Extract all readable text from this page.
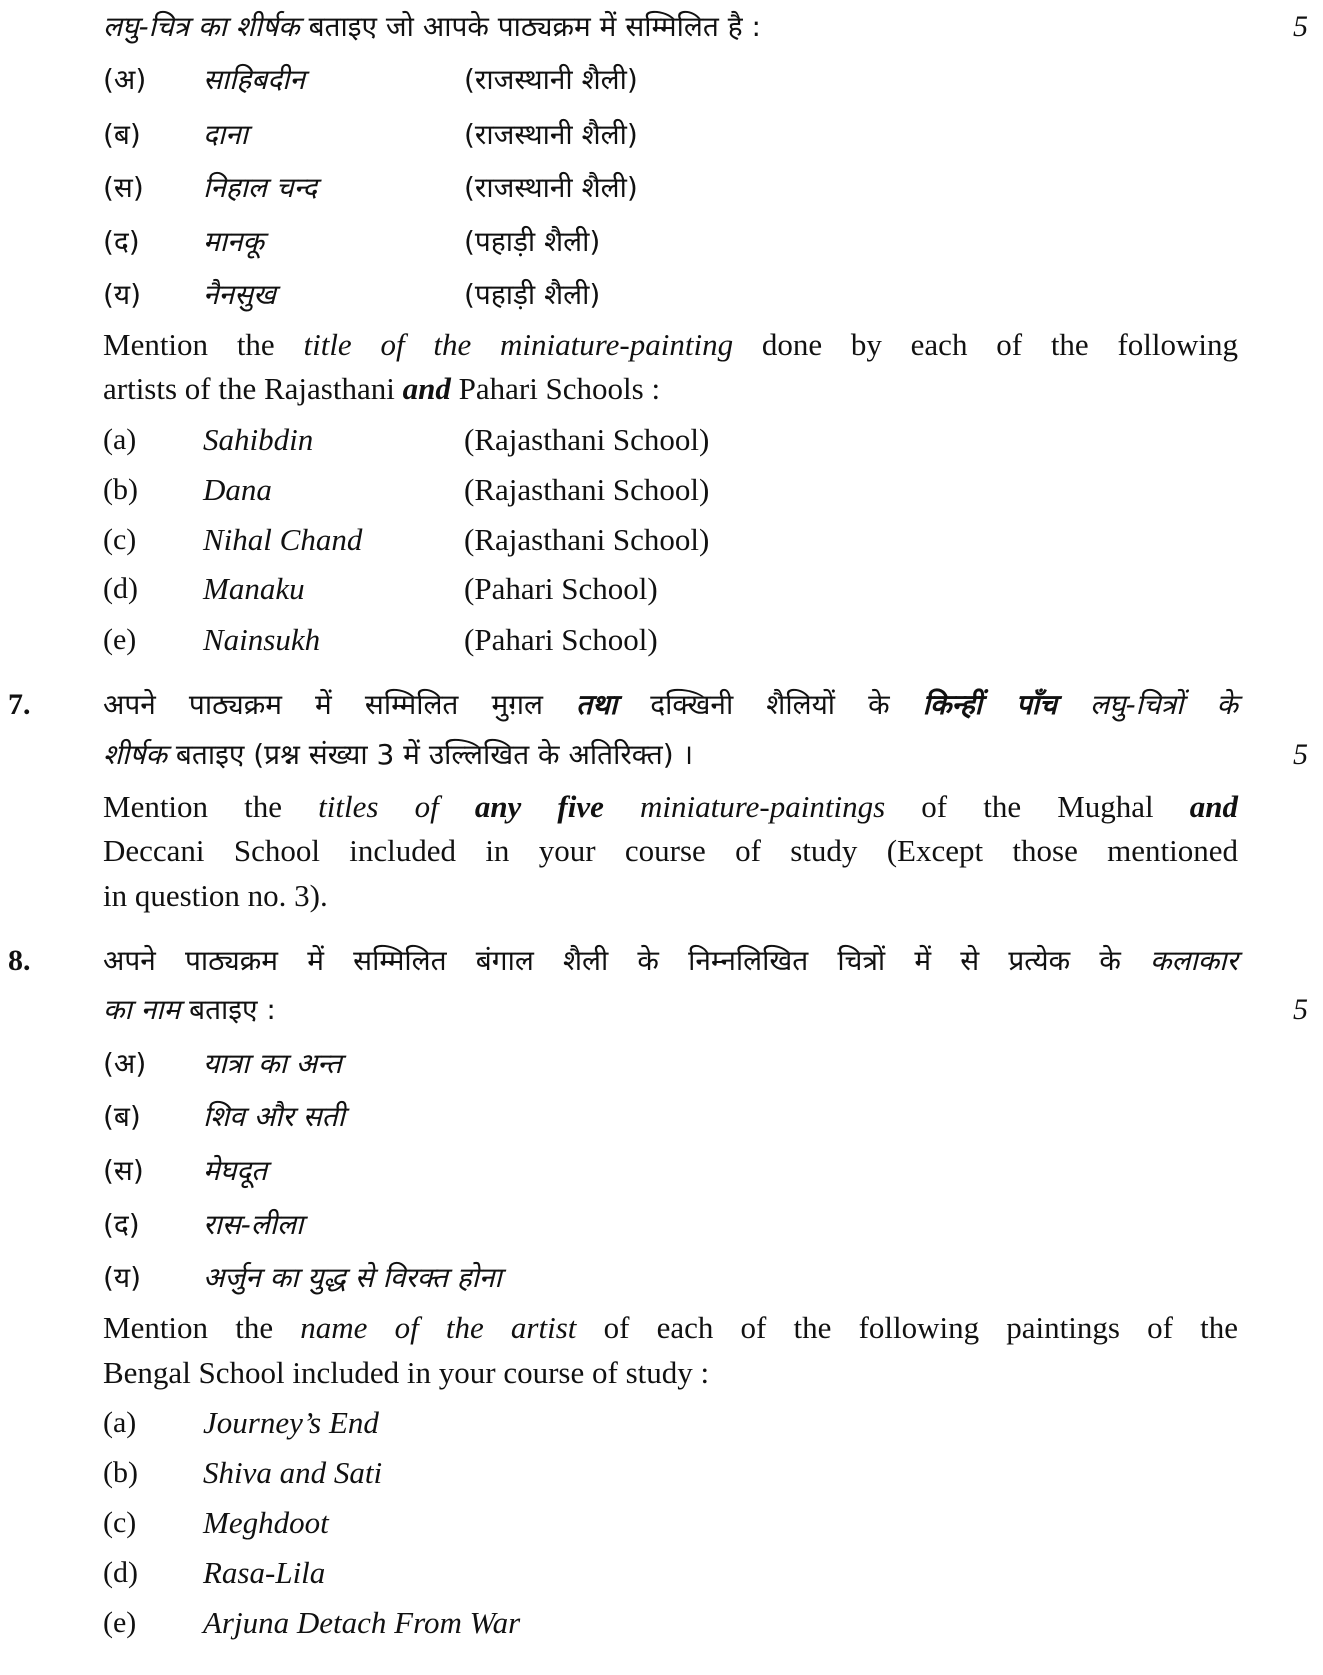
लघु-चित्र का शीर्षक बताइए जो आपके पाठ्यक्रम में सम्मिलित है :	5
(अ) साहिबदीन	(राजस्थानी शैली)
(ब) दाना	(राजस्थानी शैली)
(स) निहाल चन्द	(राजस्थानी शैली)
(द) मानकू	(पहाड़ी शैली)
(य) नैनसुख	(पहाड़ी शैली)
Mention the title of the miniature-painting done by each of the following
artists of the Rajasthani and Pahari Schools :
(a) Sahibdin	(Rajasthani School)
(b) Dana	(Rajasthani School)
(c) Nihal Chand	(Rajasthani School)
(d) Manaku	(Pahari School)
(e) Nainsukh	(Pahari School)
7.	अपने पाठ्यक्रम में सम्मिलित मुग़ल तथा दक्खिनी शैलियों के किन्हीं पाँच लघु-चित्रों के
शीर्षक बताइए (प्रश्न संख्या 3 में उल्लिखित के अतिरिक्त) ।	5
Mention the titles of any five miniature-paintings of the Mughal and
Deccani School included in your course of study (Except those mentioned
in question no. 3).
8.	अपने पाठ्यक्रम में सम्मिलित बंगाल शैली के निम्नलिखित चित्रों में से प्रत्येक के कलाकार
का नाम बताइए :	5
(अ) यात्रा का अन्त
(ब) शिव और सती
(स) मेघदूत
(द) रास-लीला
(य) अर्जुन का युद्ध से विरक्त होना
Mention the name of the artist of each of the following paintings of the
Bengal School included in your course of study :
(a) Journey’s End
(b) Shiva and Sati
(c) Meghdoot
(d) Rasa-Lila
(e) Arjuna Detach From War
